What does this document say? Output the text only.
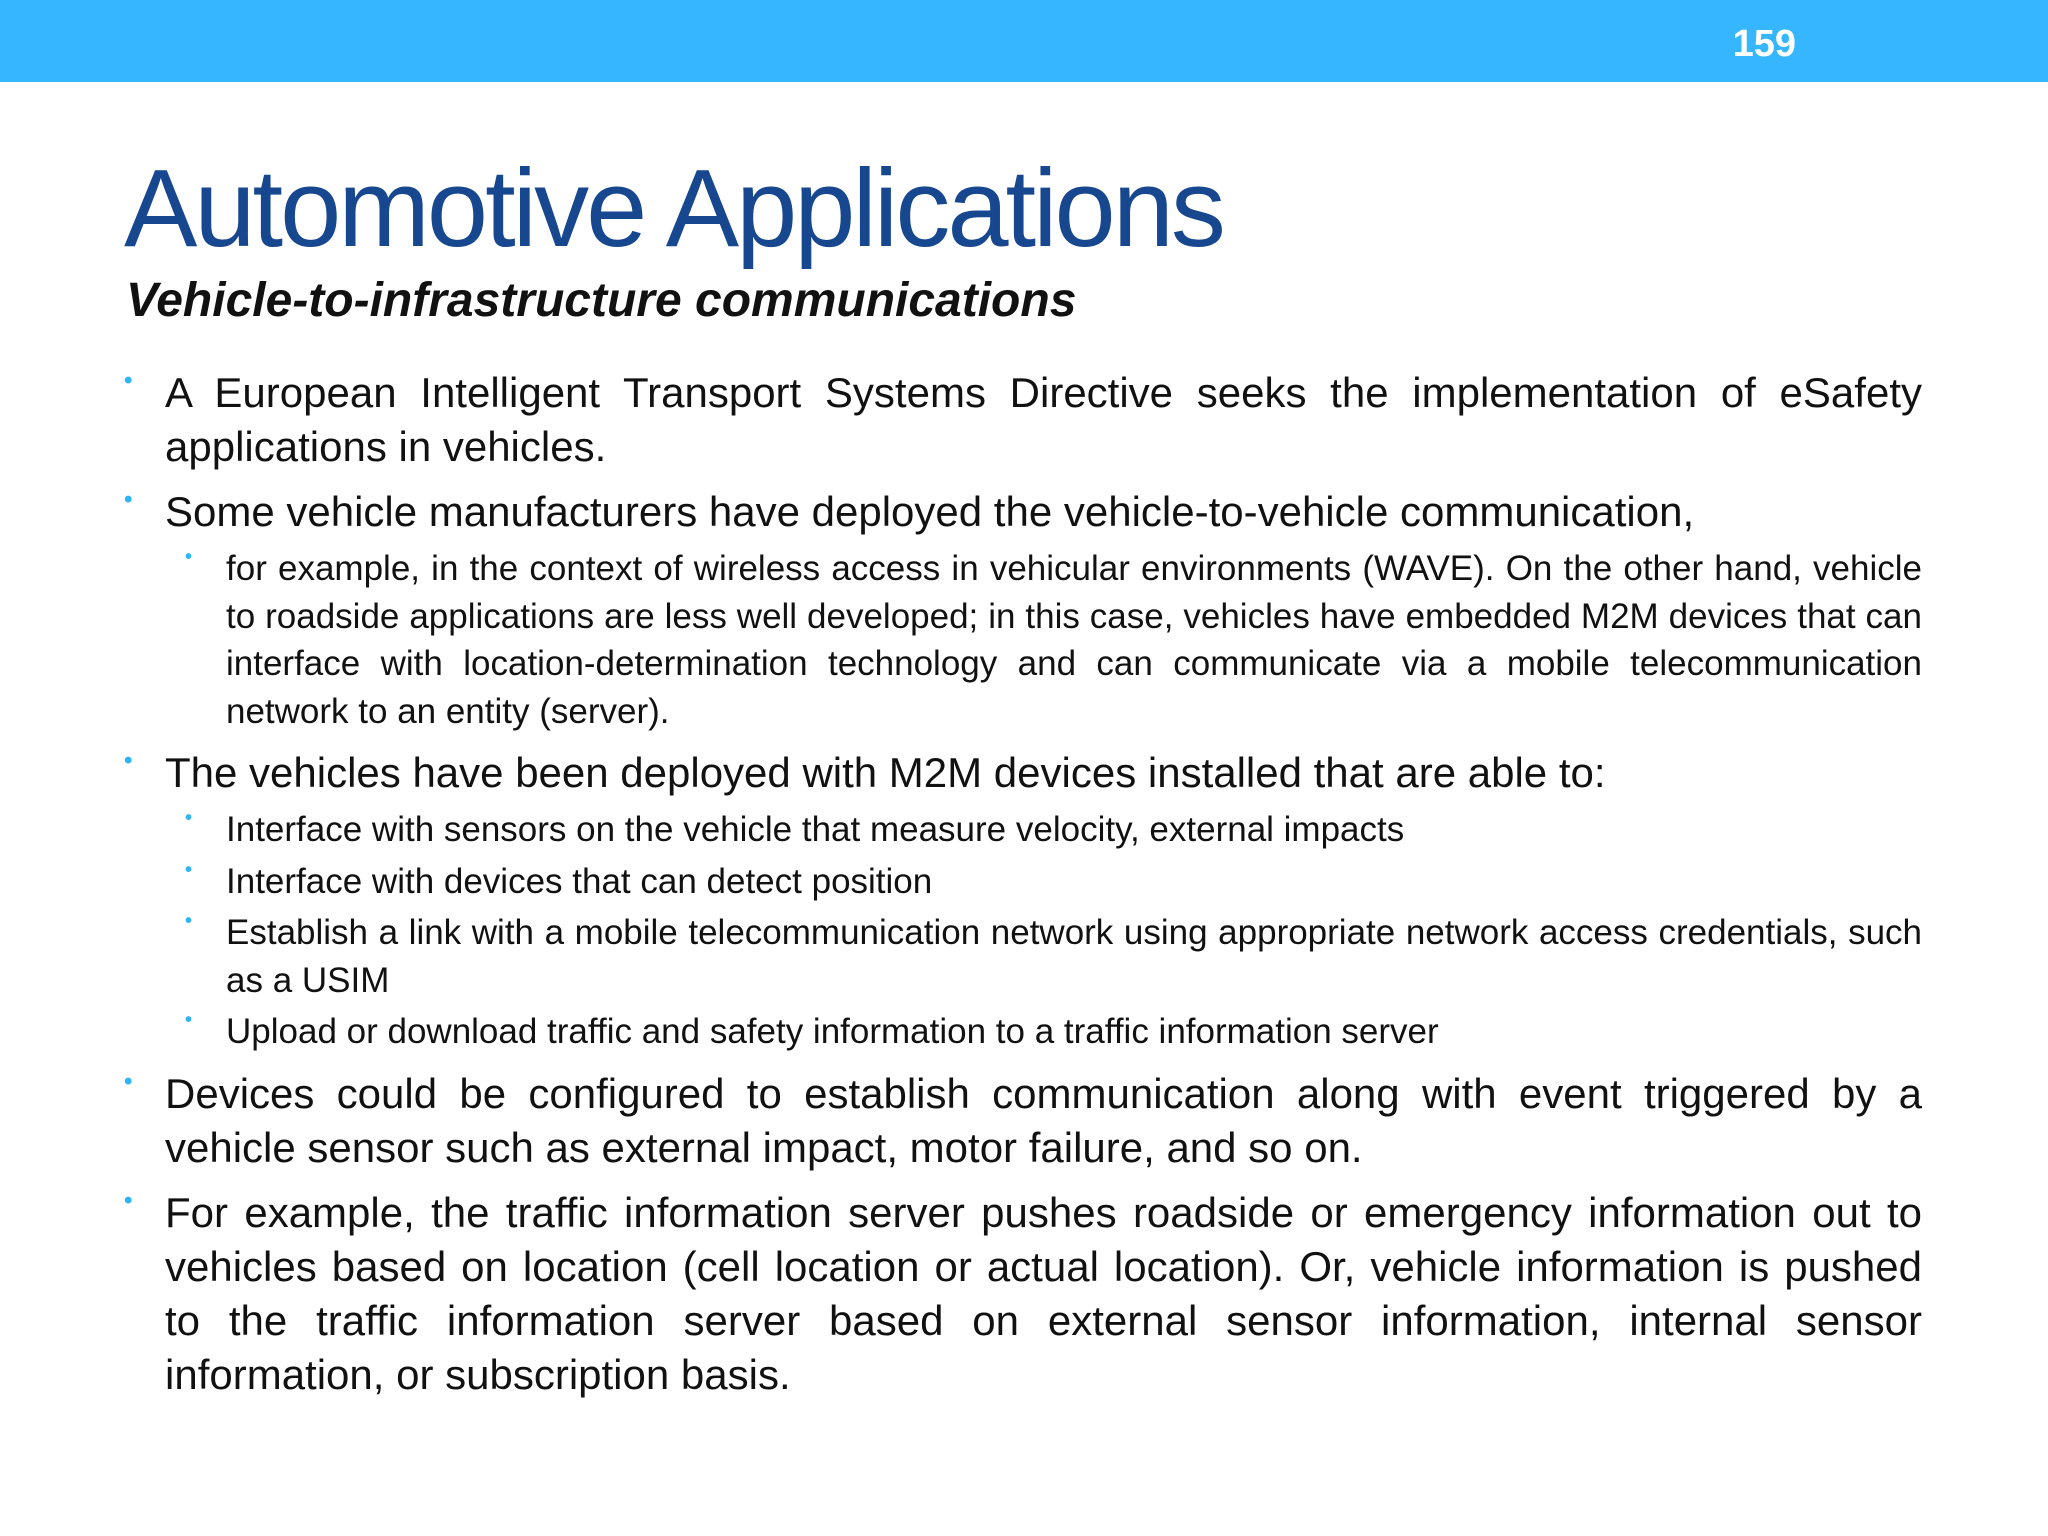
159
Automotive Applications
Vehicle-to-infrastructure communications
• A European Intelligent Transport Systems Directive seeks the implementation of eSafety applications in vehicles.
• Some vehicle manufacturers have deployed the vehicle-to-vehicle communication,
• for example, in the context of wireless access in vehicular environments (WAVE). On the other hand, vehicle to roadside applications are less well developed; in this case, vehicles have embedded M2M devices that can interface with location-determination technology and can communicate via a mobile telecommunication network to an entity (server).
• The vehicles have been deployed with M2M devices installed that are able to:
• Interface with sensors on the vehicle that measure velocity, external impacts
• Interface with devices that can detect position
• Establish a link with a mobile telecommunication network using appropriate network access credentials, such as a USIM
• Upload or download traffic and safety information to a traffic information server
• Devices could be configured to establish communication along with event triggered by a vehicle sensor such as external impact, motor failure, and so on.
• For example, the traffic information server pushes roadside or emergency information out to vehicles based on location (cell location or actual location). Or, vehicle information is pushed to the traffic information server based on external sensor information, internal sensor information, or subscription basis.
